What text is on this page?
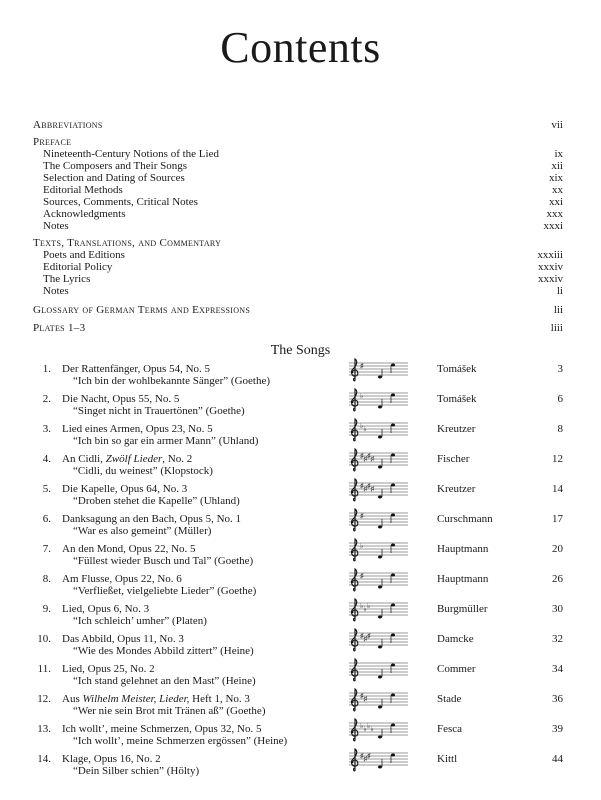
Contents
Abbreviations	vii
Preface
Nineteenth-Century Notions of the Lied	ix
The Composers and Their Songs	xii
Selection and Dating of Sources	xix
Editorial Methods	xx
Sources, Comments, Critical Notes	xxi
Acknowledgments	xxx
Notes	xxxi
Texts, Translations, and Commentary
Poets and Editions	xxxiii
Editorial Policy	xxxiv
The Lyrics	xxxiv
Notes	li
Glossary of German Terms and Expressions	lii
Plates 1–3	liii
The Songs
1. Der Rattenfänger, Opus 54, No. 5
“Ich bin der wohlbekannte Sänger” (Goethe)
♯	Tomášek	3
2. Die Nacht, Opus 55, No. 5
“Singet nicht in Trauertönen” (Goethe)
♭	Tomášek	6
3. Lied eines Armen, Opus 23, No. 5
“Ich bin so gar ein armer Mann” (Uhland)
♭ ♭	Kreutzer	8
4. An Cidli, Zwölf Lieder, No. 2
“Cidli, du weinest” (Klopstock)
♯ ♯ ♯ ♯	Fischer	12
5. Die Kapelle, Opus 64, No. 3
“Droben stehet die Kapelle” (Uhland)
♯ ♯ ♯ ♯	Kreutzer	14
6. Danksagung an den Bach, Opus 5, No. 1
“War es also gemeint” (Müller)
♯	Curschmann	17
7. An den Mond, Opus 22, No. 5
“Füllest wieder Busch und Tal” (Goethe)
♭	Hauptmann	20
8. Am Flusse, Opus 22, No. 6
“Verfließet, vielgeliebte Lieder” (Goethe)
♯	Hauptmann	26
9. Lied, Opus 6, No. 3
“Ich schleich’ umher” (Platen)
♭ ♭ ♭	Burgmüller	30
10. Das Abbild, Opus 11, No. 3
“Wie des Mondes Abbild zittert” (Heine)
♯ ♯ ♯	Damcke	32
11. Lied, Opus 25, No. 2
“Ich stand gelehnet an den Mast” (Heine)
Commer	34
12. Aus Wilhelm Meister, Lieder, Heft 1, No. 3
“Wer nie sein Brot mit Tränen aß” (Goethe)
♯ ♯	Stade	36
13. Ich wollt’, meine Schmerzen, Opus 32, No. 5
“Ich wollt’, meine Schmerzen ergössen” (Heine)
♭ ♭ ♭ ♭	Fesca	39
14. Klage, Opus 16, No. 2
“Dein Silber schien” (Hölty)
♯ ♯ ♯	Kittl	44
